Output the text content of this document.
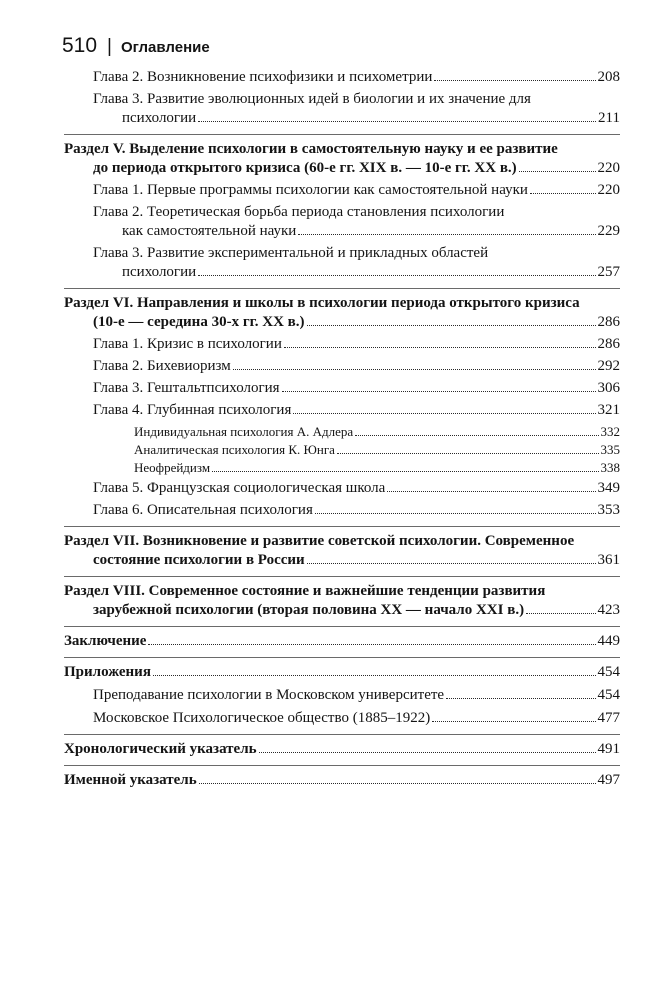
510 | Оглавление
Глава 2. Возникновение психофизики и психометрии	208
Глава 3. Развитие эволюционных идей в биологии и их значение для
психологии	211
Раздел V. Выделение психологии в самостоятельную науку и ее развитие
до периода открытого кризиса (60-е гг. XIX в. — 10-е гг. XX в.)	220
Глава 1. Первые программы психологии как самостоятельной науки	220
Глава 2. Теоретическая борьба периода становления психологии
как самостоятельной науки	229
Глава 3. Развитие экспериментальной и прикладных областей
психологии	257
Раздел VI. Направления и школы в психологии периода открытого кризиса
(10-е — середина 30-х гг. XX в.)	286
Глава 1. Кризис в психологии	286
Глава 2. Бихевиоризм	292
Глава 3. Гештальтпсихология	306
Глава 4. Глубинная психология	321
Индивидуальная психология А. Адлера	332
Аналитическая психология К. Юнга	335
Неофрейдизм	338
Глава 5. Французская социологическая школа	349
Глава 6. Описательная психология	353
Раздел VII. Возникновение и развитие советской психологии. Современное
состояние психологии в России	361
Раздел VIII. Современное состояние и важнейшие тенденции развития
зарубежной психологии (вторая половина XX — начало XXI в.)	423
Заключение	449
Приложения	454
Преподавание психологии в Московском университете	454
Московское Психологическое общество (1885–1922)	477
Хронологический указатель	491
Именной указатель	497
